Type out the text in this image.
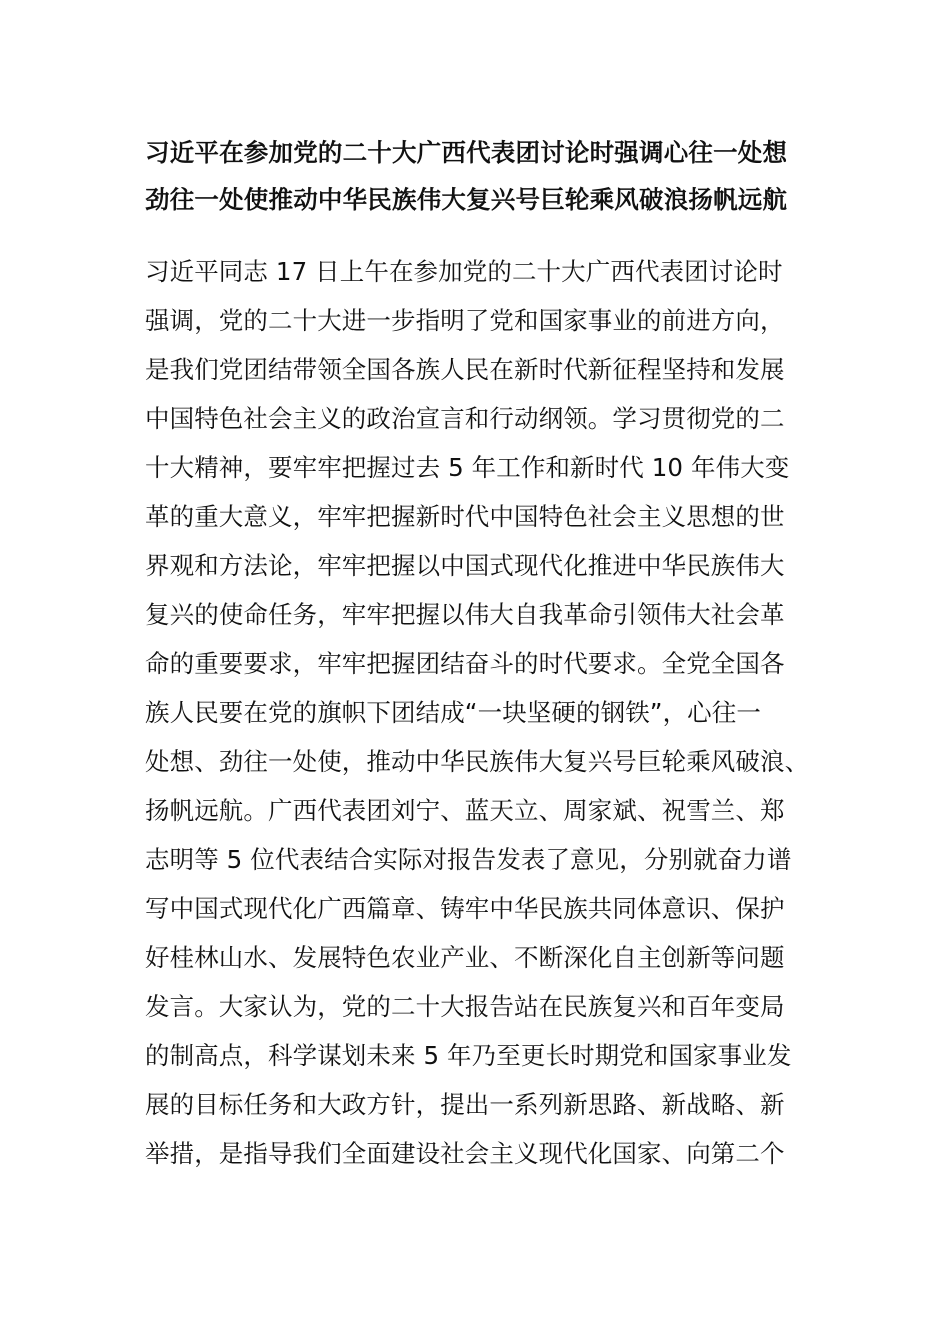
习近平在参加党的二十大广西代表团讨论时强调心往一处想
劲往一处使推动中华民族伟大复兴号巨轮乘风破浪扬帆远航
习近平同志 17 日上午在参加党的二十大广西代表团讨论时
强调，党的二十大进一步指明了党和国家事业的前进方向，
是我们党团结带领全国各族人民在新时代新征程坚持和发展
中国特色社会主义的政治宣言和行动纲领。学习贯彻党的二
十大精神，要牢牢把握过去 5 年工作和新时代 10 年伟大变
革的重大意义，牢牢把握新时代中国特色社会主义思想的世
界观和方法论，牢牢把握以中国式现代化推进中华民族伟大
复兴的使命任务，牢牢把握以伟大自我革命引领伟大社会革
命的重要要求，牢牢把握团结奋斗的时代要求。全党全国各
族人民要在党的旗帜下团结成“一块坚硬的钢铁”，心往一
处想、劲往一处使，推动中华民族伟大复兴号巨轮乘风破浪、
扬帆远航。广西代表团刘宁、蓝天立、周家斌、祝雪兰、郑
志明等 5 位代表结合实际对报告发表了意见，分别就奋力谱
写中国式现代化广西篇章、铸牢中华民族共同体意识、保护
好桂林山水、发展特色农业产业、不断深化自主创新等问题
发言。大家认为，党的二十大报告站在民族复兴和百年变局
的制高点，科学谋划未来 5 年乃至更长时期党和国家事业发
展的目标任务和大政方针，提出一系列新思路、新战略、新
举措，是指导我们全面建设社会主义现代化国家、向第二个
